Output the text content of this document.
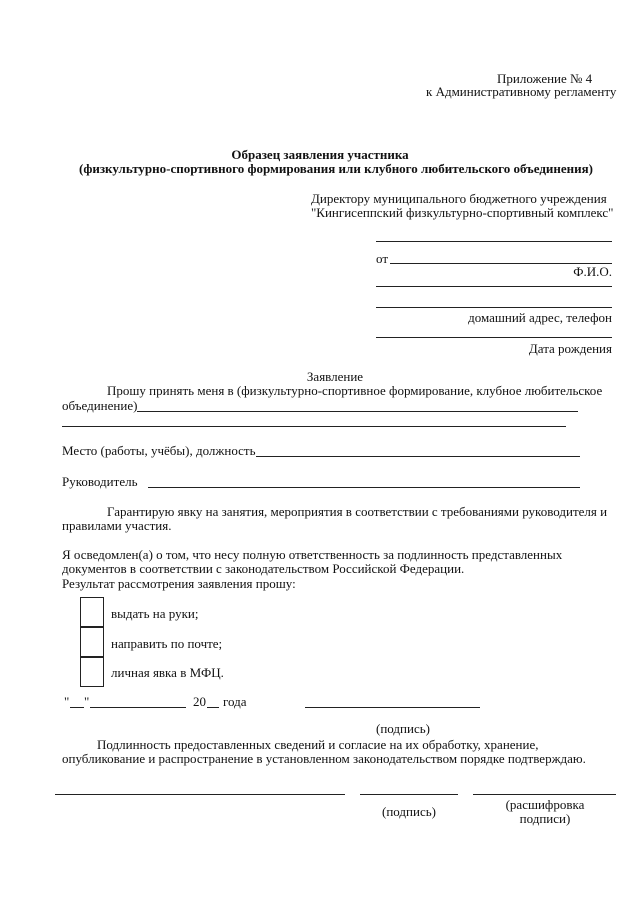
Приложение № 4
к Административному регламенту
Образец заявления участника
(физкультурно-спортивного формирования или клубного любительского объединения)
Директору муниципального бюджетного учреждения
"Кингисеппский физкультурно-спортивный комплекс"
от
Ф.И.О.
домашний адрес, телефон
Дата рождения
Заявление
Прошу принять меня в (физкультурно-спортивное формирование, клубное любительское
объединение)
Место (работы, учёбы), должность
Руководитель
Гарантирую явку на занятия, мероприятия в соответствии с требованиями руководителя и
правилами участия.
Я осведомлен(а) о том, что несу полную ответственность за подлинность представленных
документов в соответствии с законодательством Российской Федерации.
Результат рассмотрения заявления прошу:
выдать на руки;
направить по почте;
личная явка в МФЦ.
" "	20 года
(подпись)
Подлинность предоставленных сведений и согласие на их обработку, хранение,
опубликование и распространение в установленном законодательством порядке подтверждаю.
(подпись)	(расшифровка
подписи)
